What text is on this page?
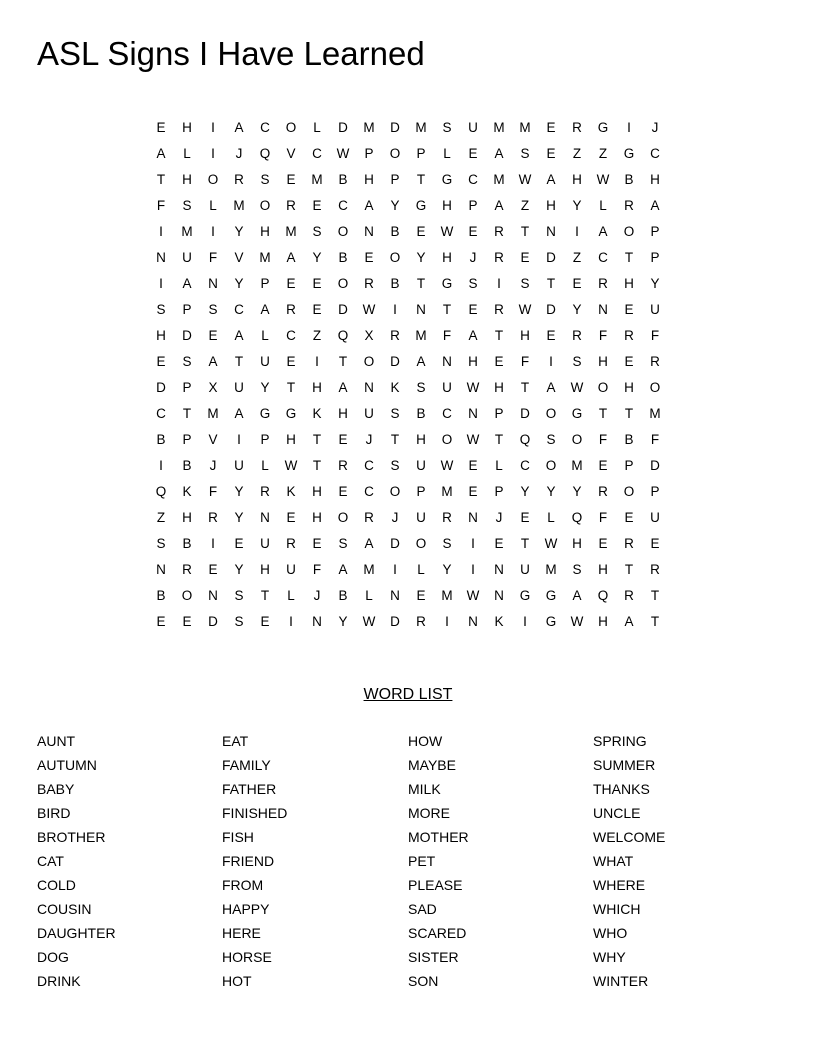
ASL Signs I Have Learned
E	H	I	A	C	O	L	D	M	D	M	S	U	M	M	E	R	G	I	J
A	L	I	J	Q	V	C	W	P	O	P	L	E	A	S	E	Z	Z	G	C
T	H	O	R	S	E	M	B	H	P	T	G	C	M	W	A	H	W	B	H
F	S	L	M	O	R	E	C	A	Y	G	H	P	A	Z	H	Y	L	R	A
I	M	I	Y	H	M	S	O	N	B	E	W	E	R	T	N	I	A	O	P
N	U	F	V	M	A	Y	B	E	O	Y	H	J	R	E	D	Z	C	T	P
I	A	N	Y	P	E	E	O	R	B	T	G	S	I	S	T	E	R	H	Y
S	P	S	C	A	R	E	D	W	I	N	T	E	R	W	D	Y	N	E	U
H	D	E	A	L	C	Z	Q	X	R	M	F	A	T	H	E	R	F	R	F
E	S	A	T	U	E	I	T	O	D	A	N	H	E	F	I	S	H	E	R
D	P	X	U	Y	T	H	A	N	K	S	U	W	H	T	A	W	O	H	O
C	T	M	A	G	G	K	H	U	S	B	C	N	P	D	O	G	T	T	M
B	P	V	I	P	H	T	E	J	T	H	O	W	T	Q	S	O	F	B	F
I	B	J	U	L	W	T	R	C	S	U	W	E	L	C	O	M	E	P	D
Q	K	F	Y	R	K	H	E	C	O	P	M	E	P	Y	Y	Y	R	O	P
Z	H	R	Y	N	E	H	O	R	J	U	R	N	J	E	L	Q	F	E	U
S	B	I	E	U	R	E	S	A	D	O	S	I	E	T	W	H	E	R	E
N	R	E	Y	H	U	F	A	M	I	L	Y	I	N	U	M	S	H	T	R
B	O	N	S	T	L	J	B	L	N	E	M	W	N	G	G	A	Q	R	T
E	E	D	S	E	I	N	Y	W	D	R	I	N	K	I	G	W	H	A	T
WORD LIST
AUNT
AUTUMN
BABY
BIRD
BROTHER
CAT
COLD
COUSIN
DAUGHTER
DOG
DRINK
EAT
FAMILY
FATHER
FINISHED
FISH
FRIEND
FROM
HAPPY
HERE
HORSE
HOT
HOW
MAYBE
MILK
MORE
MOTHER
PET
PLEASE
SAD
SCARED
SISTER
SON
SPRING
SUMMER
THANKS
UNCLE
WELCOME
WHAT
WHERE
WHICH
WHO
WHY
WINTER
